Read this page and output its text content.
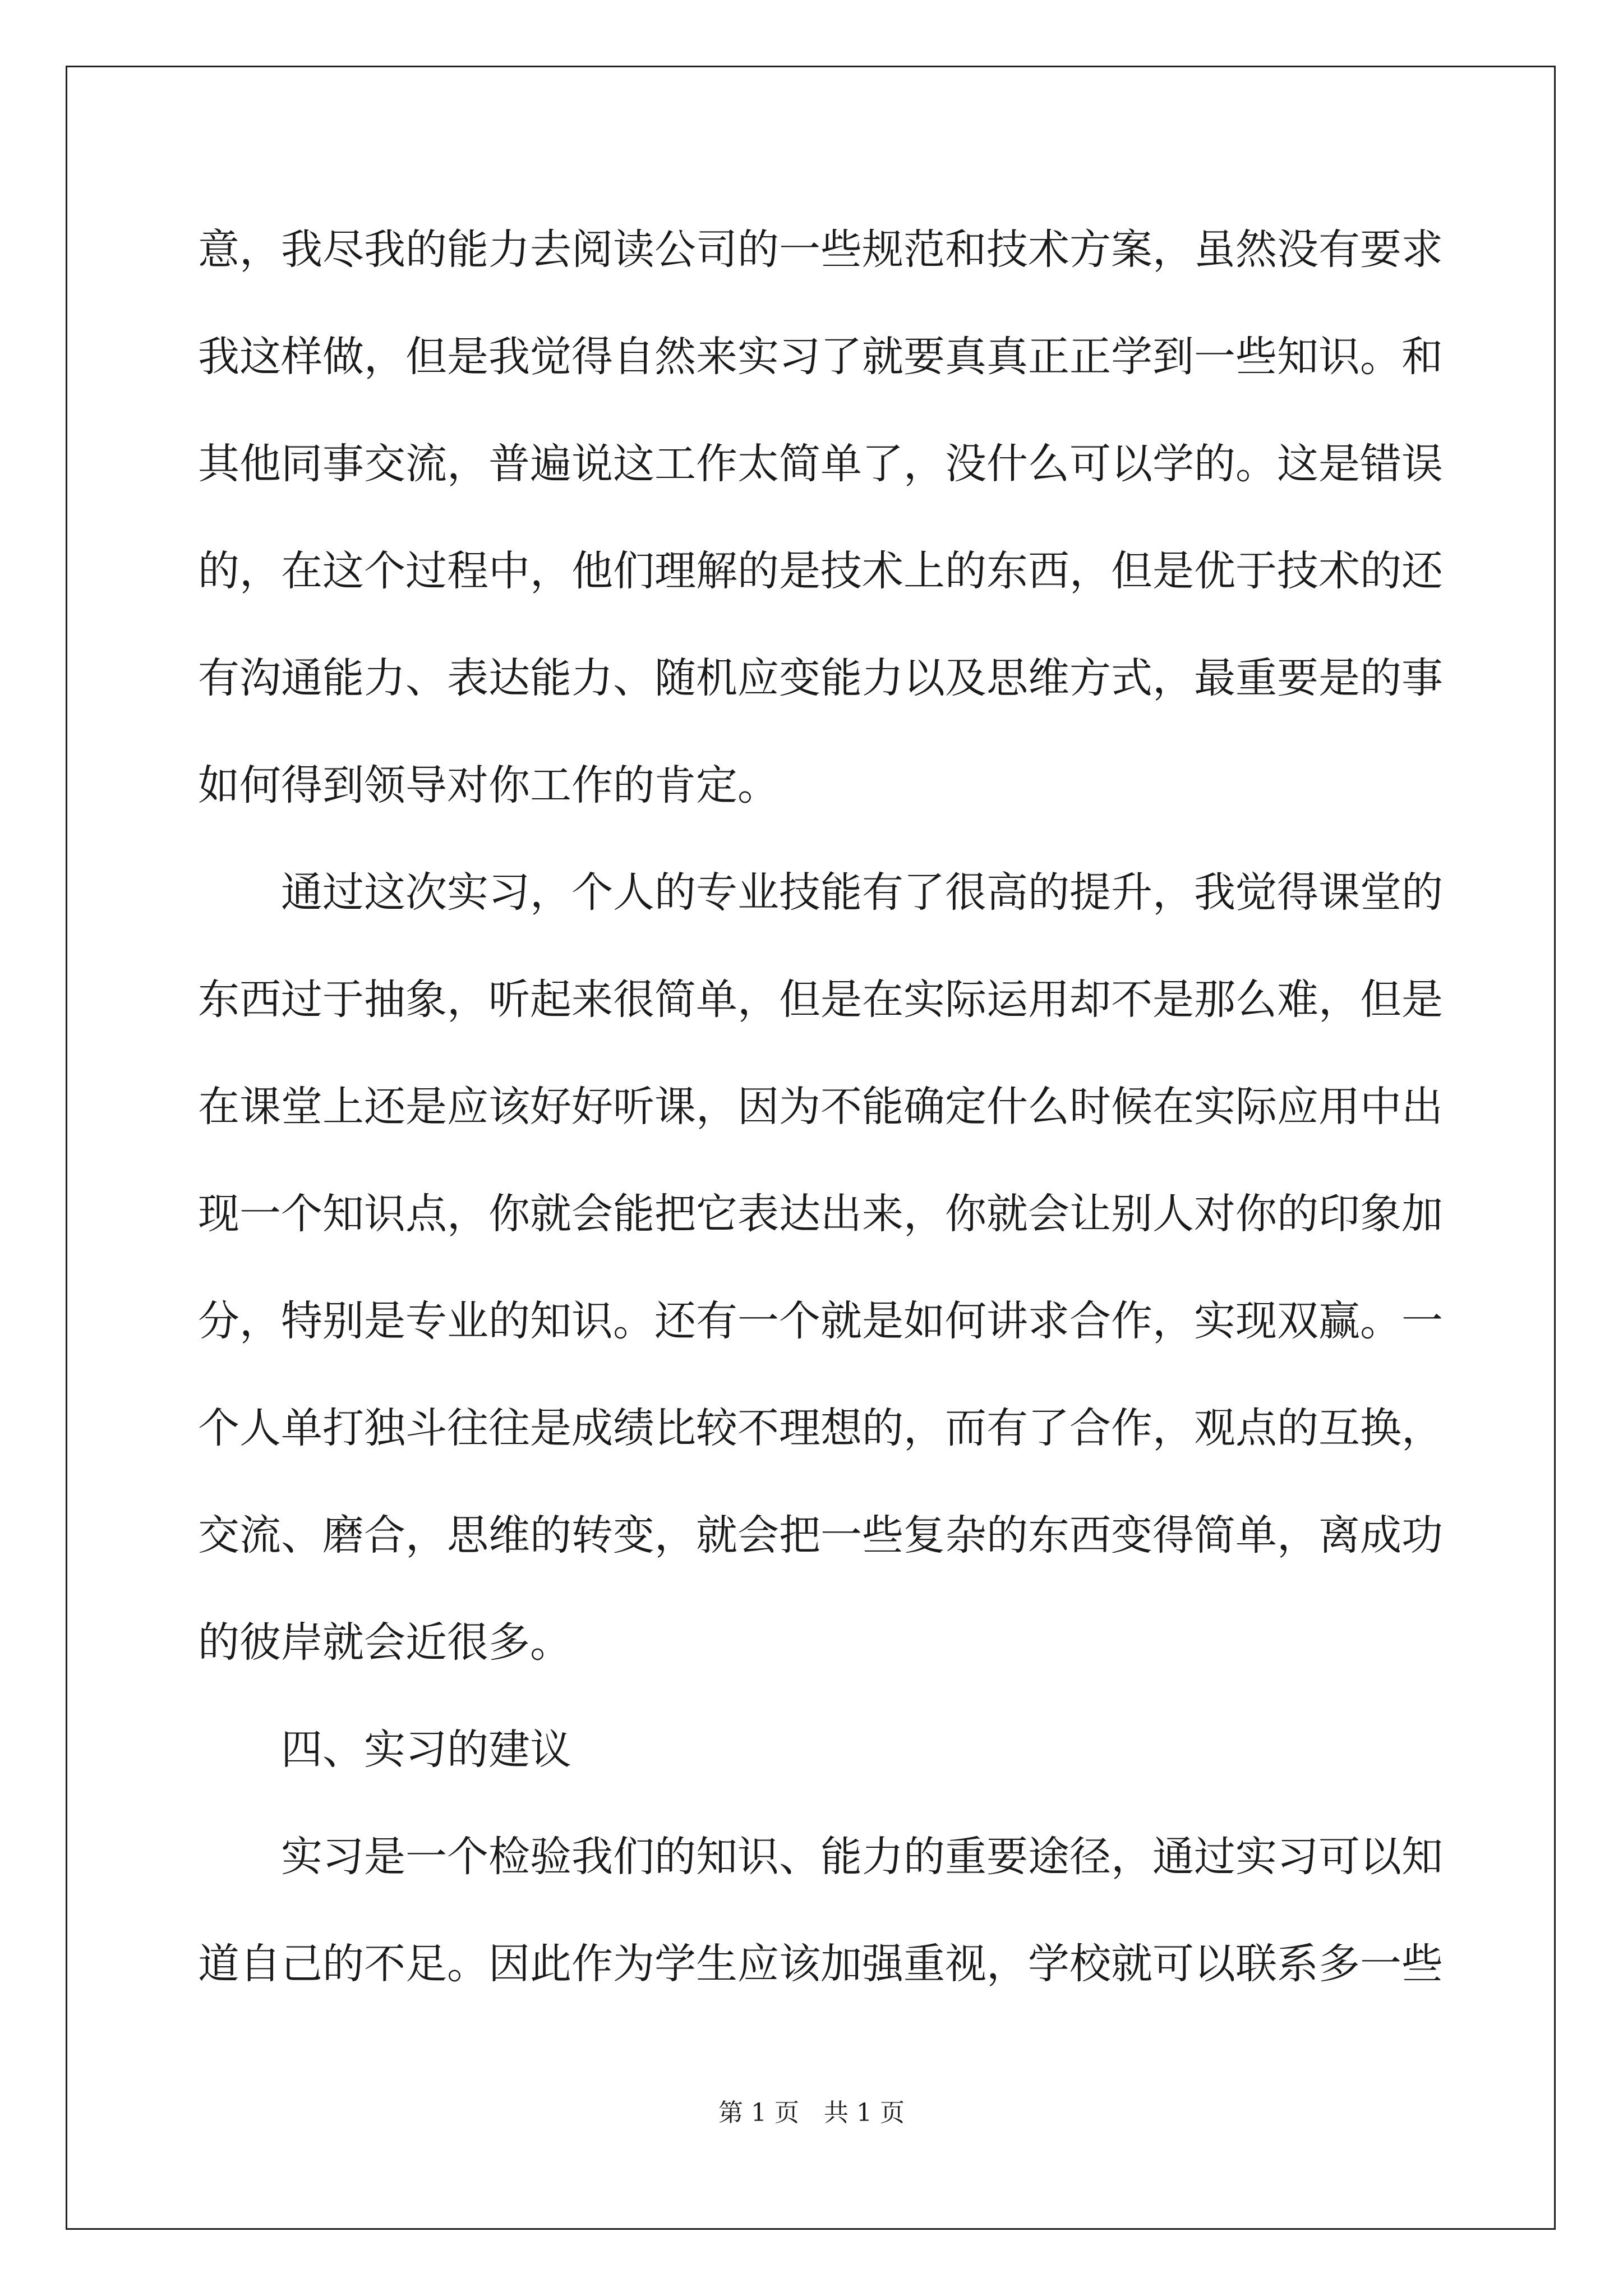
意，我尽我的能力去阅读公司的一些规范和技术方案，虽然没有要求
我这样做，但是我觉得自然来实习了就要真真正正学到一些知识。和
其他同事交流，普遍说这工作太简单了，没什么可以学的。这是错误
的，在这个过程中，他们理解的是技术上的东西，但是优于技术的还
有沟通能力、表达能力、随机应变能力以及思维方式，最重要是的事
如何得到领导对你工作的肯定。
　　通过这次实习，个人的专业技能有了很高的提升，我觉得课堂的
东西过于抽象，听起来很简单，但是在实际运用却不是那么难，但是
在课堂上还是应该好好听课，因为不能确定什么时候在实际应用中出
现一个知识点，你就会能把它表达出来，你就会让别人对你的印象加
分，特别是专业的知识。还有一个就是如何讲求合作，实现双赢。一
个人单打独斗往往是成绩比较不理想的，而有了合作，观点的互换，
交流、磨合，思维的转变，就会把一些复杂的东西变得简单，离成功
的彼岸就会近很多。
　　四、实习的建议
　　实习是一个检验我们的知识、能力的重要途径，通过实习可以知
道自己的不足。因此作为学生应该加强重视，学校就可以联系多一些
第 1 页　共 1 页
